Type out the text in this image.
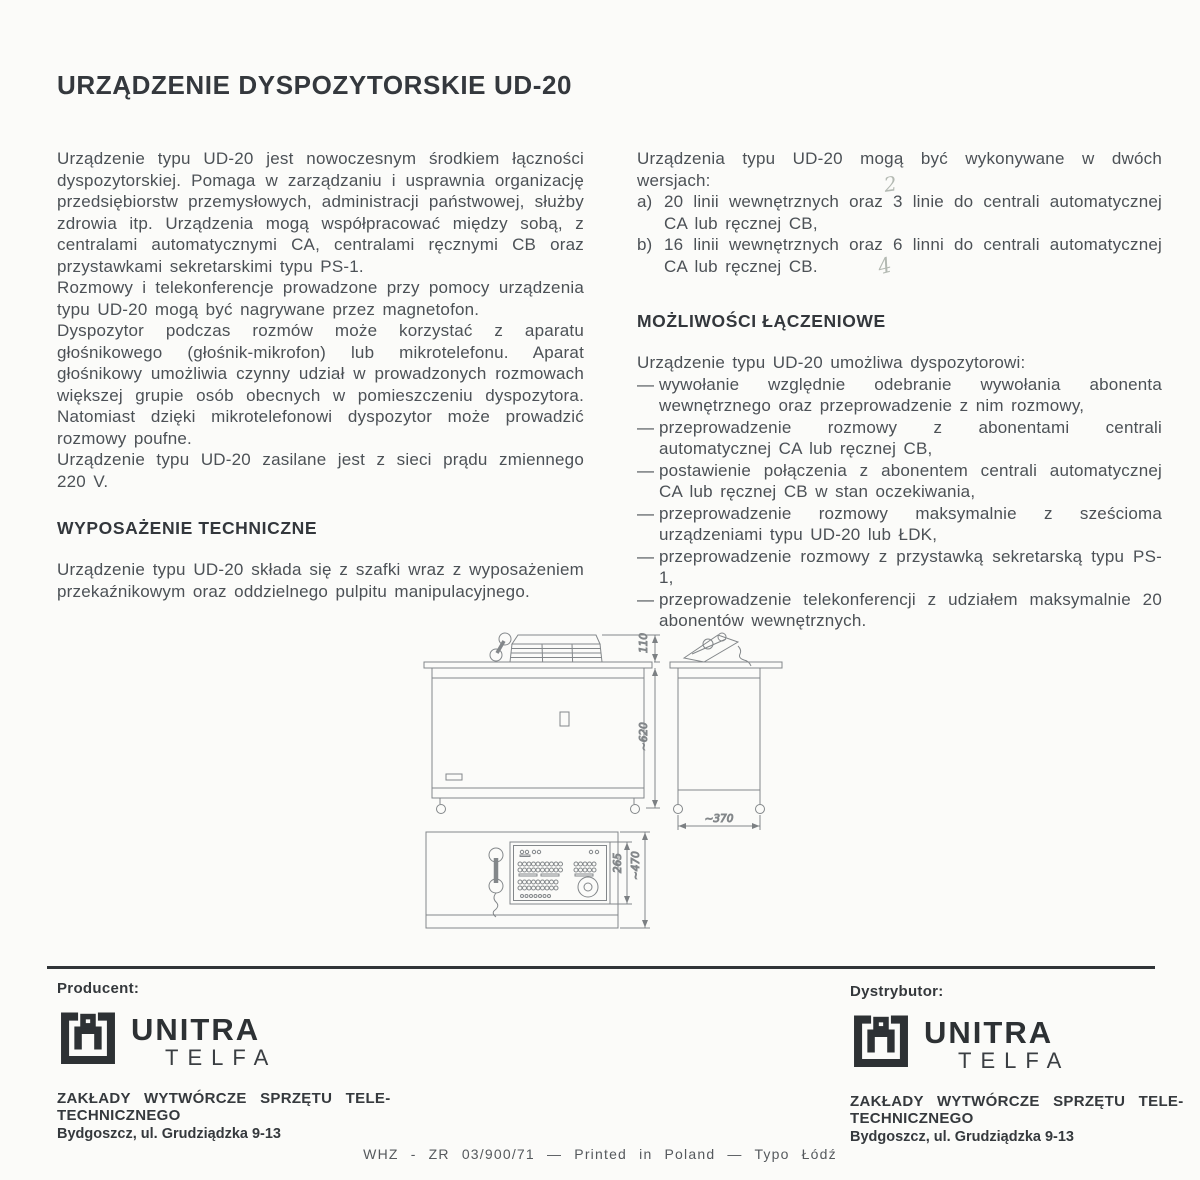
URZĄDZENIE DYSPOZYTORSKIE UD-20

Urządzenie typu UD-20 jest nowoczesnym środkiem łączności dyspozytorskiej. Pomaga w zarządzaniu i usprawnia organizację przedsiębiorstw przemysłowych, administracji państwowej, służby zdrowia itp. Urządzenia mogą współpracować między sobą, z centralami automatycznymi CA, centralami ręcznymi CB oraz przystawkami sekretarskimi typu PS-1.

Rozmowy i telekonferencje prowadzone przy pomocy urządzenia typu UD-20 mogą być nagrywane przez magnetofon.

Dyspozytor podczas rozmów może korzystać z aparatu głośnikowego (głośnik-mikrofon) lub mikrotelefonu. Aparat głośnikowy umożliwia czynny udział w prowadzonych rozmowach większej grupie osób obecnych w pomieszczeniu dyspozytora. Natomiast dzięki mikrotelefonowi dyspozytor może prowadzić rozmowy poufne.

Urządzenie typu UD-20 zasilane jest z sieci prądu zmiennego 220 V.

WYPOSAŻENIE TECHNICZNE

Urządzenie typu UD-20 składa się z szafki wraz z wyposażeniem przekaźnikowym oraz oddzielnego pulpitu manipulacyjnego.

Urządzenia typu UD-20 mogą być wykonywane w dwóch wersjach:

a) 20 linii wewnętrznych oraz 3 linie do centrali automatycznej CA lub ręcznej CB,
b) 16 linii wewnętrznych oraz 6 linni do centrali automatycznej CA lub ręcznej CB.
MOŻLIWOŚCI ŁĄCZENIOWE

Urządzenie typu UD-20 umożliwa dyspozytorowi:

— wywołanie względnie odebranie wywołania abonenta wewnętrznego oraz przeprowadzenie z nim rozmowy,
— przeprowadzenie rozmowy z abonentami centrali automatycznej CA lub ręcznej CB,
— postawienie połączenia z abonentem centrali automatycznej CA lub ręcznej CB w stan oczekiwania,
— przeprowadzenie rozmowy maksymalnie z sześcioma urządzeniami typu UD-20 lub ŁDK,
— przeprowadzenie rozmowy z przystawką sekretarską typu PS-1,
— przeprowadzenie telekonferencji z udziałem maksymalnie 20 abonentów wewnętrznych.
2
4
110
~620
~370
265 ~470

Producent:

UNITRA
TELFA
ZAKŁADY WYTWÓRCZE SPRZĘTU TELE-
TECHNICZNEGO
Bydgoszcz, ul. Grudziądzka 9-13

Dystrybutor:

UNITRA
TELFA
ZAKŁADY WYTWÓRCZE SPRZĘTU TELE-
TECHNICZNEGO
Bydgoszcz, ul. Grudziądzka 9-13
WHZ - ZR 03/900/71 — Printed in Poland — Typo Łódź
